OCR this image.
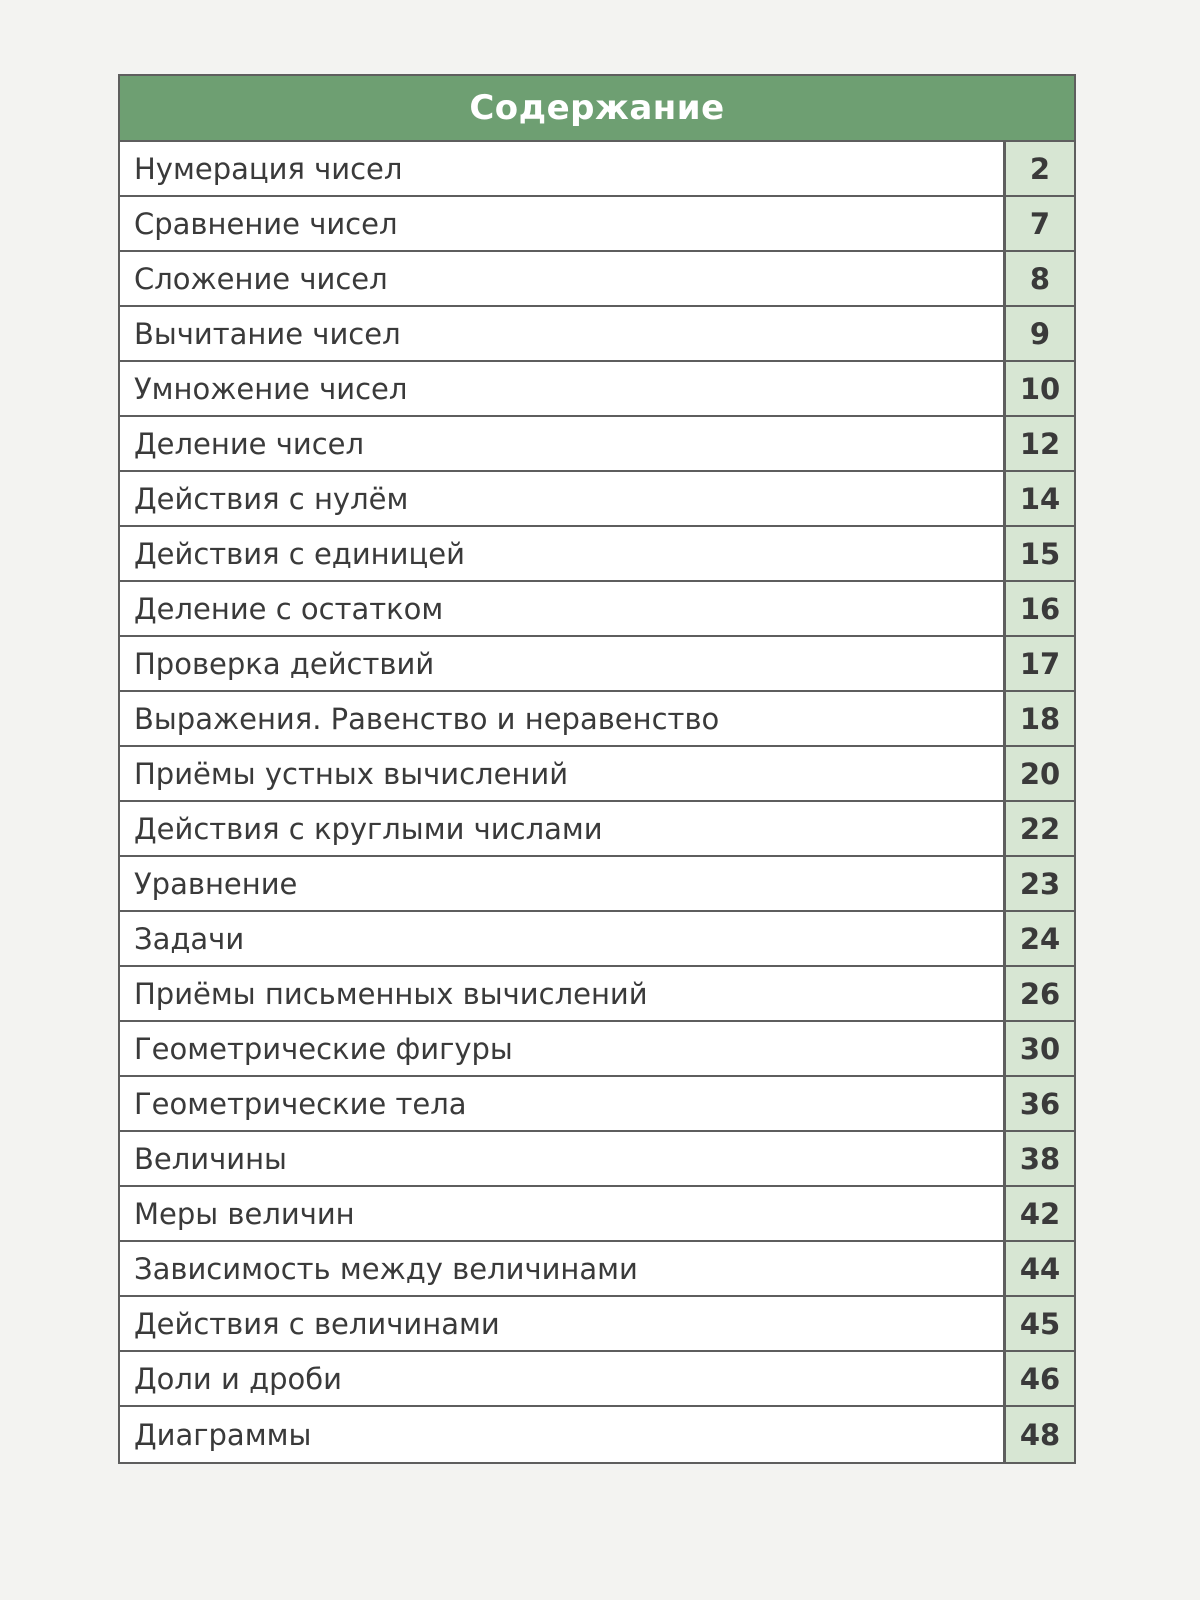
Содержание
Нумерация чисел	2
Сравнение чисел	7
Сложение чисел	8
Вычитание чисел	9
Умножение чисел	10
Деление чисел	12
Действия с нулём	14
Действия с единицей	15
Деление с остатком	16
Проверка действий	17
Выражения. Равенство и неравенство	18
Приёмы устных вычислений	20
Действия с круглыми числами	22
Уравнение	23
Задачи	24
Приёмы письменных вычислений	26
Геометрические фигуры	30
Геометрические тела	36
Величины	38
Меры величин	42
Зависимость между величинами	44
Действия с величинами	45
Доли и дроби	46
Диаграммы	48
